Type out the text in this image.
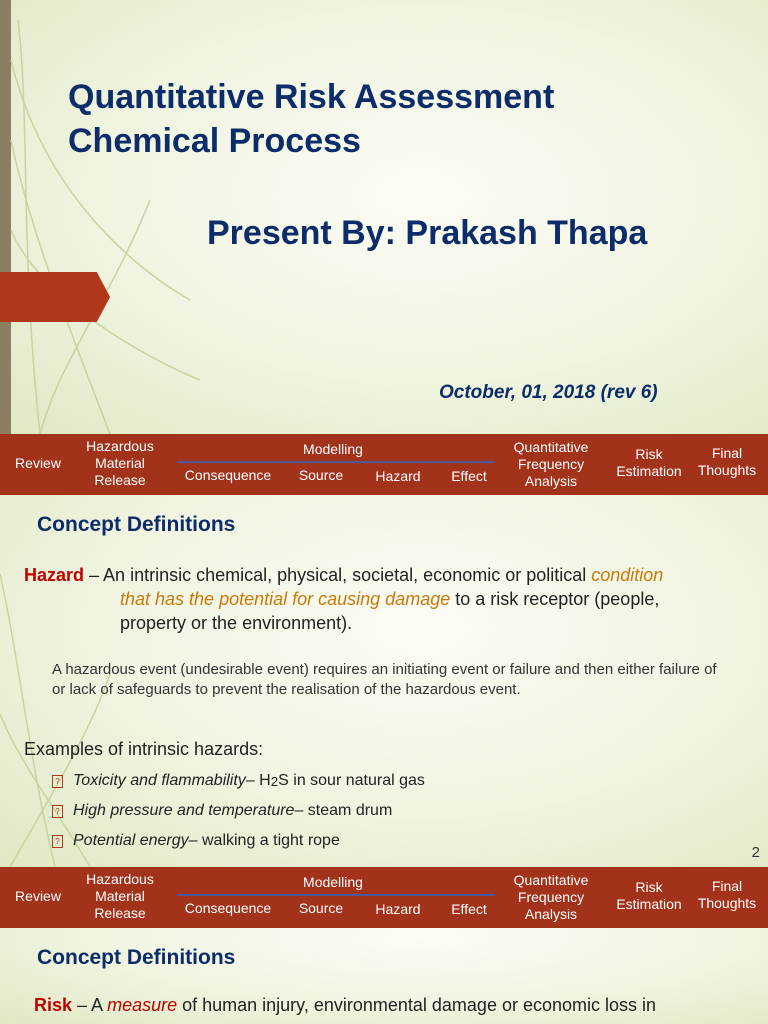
Quantitative Risk Assessment
Chemical Process
Present By: Prakash Thapa
October, 01, 2018 (rev 6)
Review
Hazardous
Material
Release
Modelling
Consequence	Source	Hazard	Effect
Quantitative
Frequency
Analysis
Risk
Estimation
Final
Thoughts
Concept Definitions
Hazard – An intrinsic chemical, physical, societal, economic or political condition
that has the potential for causing damage to a risk receptor (people,
property or the environment).
A hazardous event (undesirable event) requires an initiating event or failure and then either failure of or lack of safeguards to prevent the realisation of the hazardous event.
Examples of intrinsic hazards:
? Toxicity and flammability – H 2 S in sour natural gas
? High pressure and temperature – steam drum
? Potential energy – walking a tight rope
2
Review
Hazardous
Material
Release
Modelling
Consequence	Source	Hazard	Effect
Quantitative
Frequency
Analysis
Risk
Estimation
Final
Thoughts
Concept Definitions
Risk – A measure of human injury, environmental damage or economic loss in
